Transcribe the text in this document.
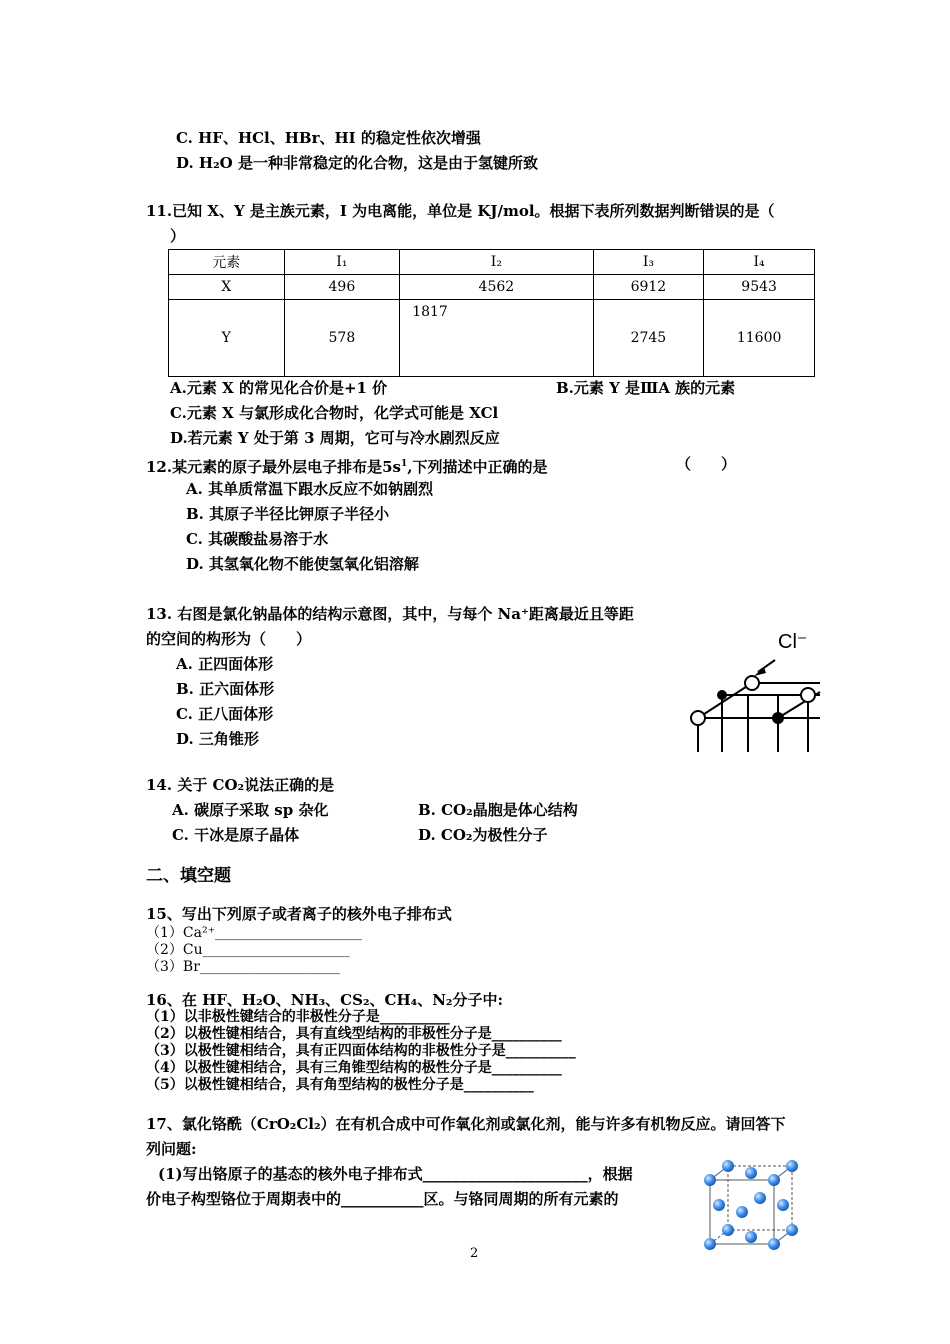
C. HF、HCl、HBr、HI 的稳定性依次增强
D. H₂O 是一种非常稳定的化合物，这是由于氢键所致
11.已知 X、Y 是主族元素，I 为电离能，单位是 KJ/mol。根据下表所列数据判断错误的是（
）
元素	I₁	I₂	I₃	I₄
X	496	4562	6912	9543
Y	578	1817	2745	11600
A.元素 X 的常见化合价是+1 价	B.元素 Y 是ⅢA 族的元素
C.元素 X 与氯形成化合物时，化学式可能是 XCl
D.若元素 Y 处于第 3 周期，它可与冷水剧烈反应
12.某元素的原子最外层电子排布是$5s^1$,下列描述中正确的是	（　　）
A. 其单质常温下跟水反应不如钠剧烈
B. 其原子半径比钾原子半径小
C. 其碳酸盐易溶于水
D. 其氢氧化物不能使氢氧化铝溶解
13. 右图是氯化钠晶体的结构示意图，其中，与每个 Na⁺距离最近且等距
的空间的构形为（　　）
A. 正四面体形
B. 正六面体形
C. 正八面体形
D. 三角锥形
Cl⁻
14. 关于 CO₂说法正确的是
A. 碳原子采取 sp 杂化	B. CO₂晶胞是体心结构
C. 干冰是原子晶体	D. CO₂为极性分子
二、填空题
15、写出下列原子或者离子的核外电子排布式
（1）Ca²⁺_____________________
（2）Cu_____________________
（3）Br____________________
16、在 HF、H₂O、NH₃、CS₂、CH₄、N₂分子中:
（1）以非极性键结合的非极性分子是__________
（2）以极性键相结合，具有直线型结构的非极性分子是__________
（3）以极性键相结合，具有正四面体结构的非极性分子是__________
（4）以极性键相结合，具有三角锥型结构的极性分子是__________
（5）以极性键相结合，具有角型结构的极性分子是__________
17、氯化铬酰（CrO₂Cl₂）在有机合成中可作氧化剂或氯化剂，能与许多有机物反应。请回答下
列问题:
(1)写出铬原子的基态的核外电子排布式______________________，根据
价电子构型铬位于周期表中的___________区。与铬同周期的所有元素的
2
